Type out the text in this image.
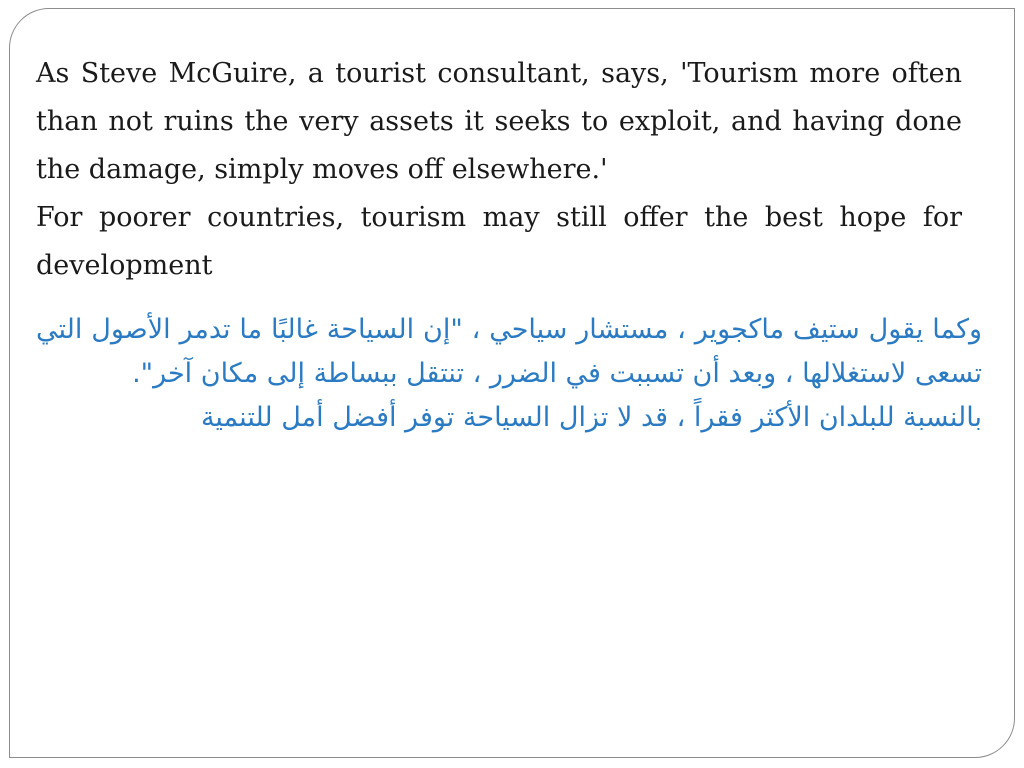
As Steve McGuire, a tourist consultant, says, 'Tourism more often than not ruins the very assets it seeks to exploit, and having done the damage, simply moves off elsewhere.'

For poorer countries, tourism may still offer the best hope for development

وكما يقول ستيف ماكجوير ، مستشار سياحي ، "إن السياحة غالبًا ما تدمر الأصول التي تسعى لاستغلالها ، وبعد أن تسببت في الضرر ، تنتقل ببساطة إلى مكان آخر".

بالنسبة للبلدان الأكثر فقراً ، قد لا تزال السياحة توفر أفضل أمل للتنمية
